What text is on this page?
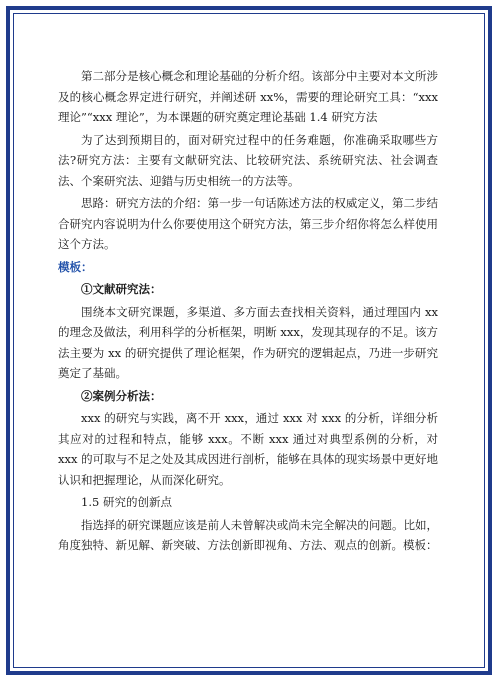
第二部分是核心概念和理论基础的分析介绍。该部分中主要对本文所涉及的核心概念界定进行研究，并阐述研 xx%，需要的理论研究工具：“xxx 理论”“xxx 理论”，为本课题的研究奠定理论基础 1.4 研究方法

为了达到预期目的，面对研究过程中的任务难题，你准确采取哪些方法?研究方法：主要有文献研究法、比较研究法、系统研究法、社会调查法、个案研究法、迎錯与历史相统一的方法等。

思路：研究方法的介绍：第一步一句话陈述方法的权威定义，第二步结合研究内容说明为什么你要使用这个研究方法，第三步介绍你将怎么样使用这个方法。

模板：

①文献研究法：

围绕本文研究课题，多渠道、多方面去查找相关资料，通过理国内 xx 的理念及做法，利用科学的分析框架，明断 xxx，发现其现存的不足。该方法主要为 xx 的研究提供了理论框架，作为研究的逻辑起点，乃进一步研究奠定了基础。

②案例分析法：

xxx 的研究与实践，离不开 xxx，通过 xxx 对 xxx 的分析，详细分析其应对的过程和特点，能够 xxx。不断 xxx 通过对典型系例的分析，对 xxx 的可取与不足之处及其成因进行剖析，能够在具体的现实场景中更好地认识和把握理论，从而深化研究。

1.5 研究的创新点

指选择的研究课题应该是前人未曾解决或尚未完全解决的问题。比如，角度独特、新见解、新突破、方法创新即视角、方法、观点的创新。模板：
